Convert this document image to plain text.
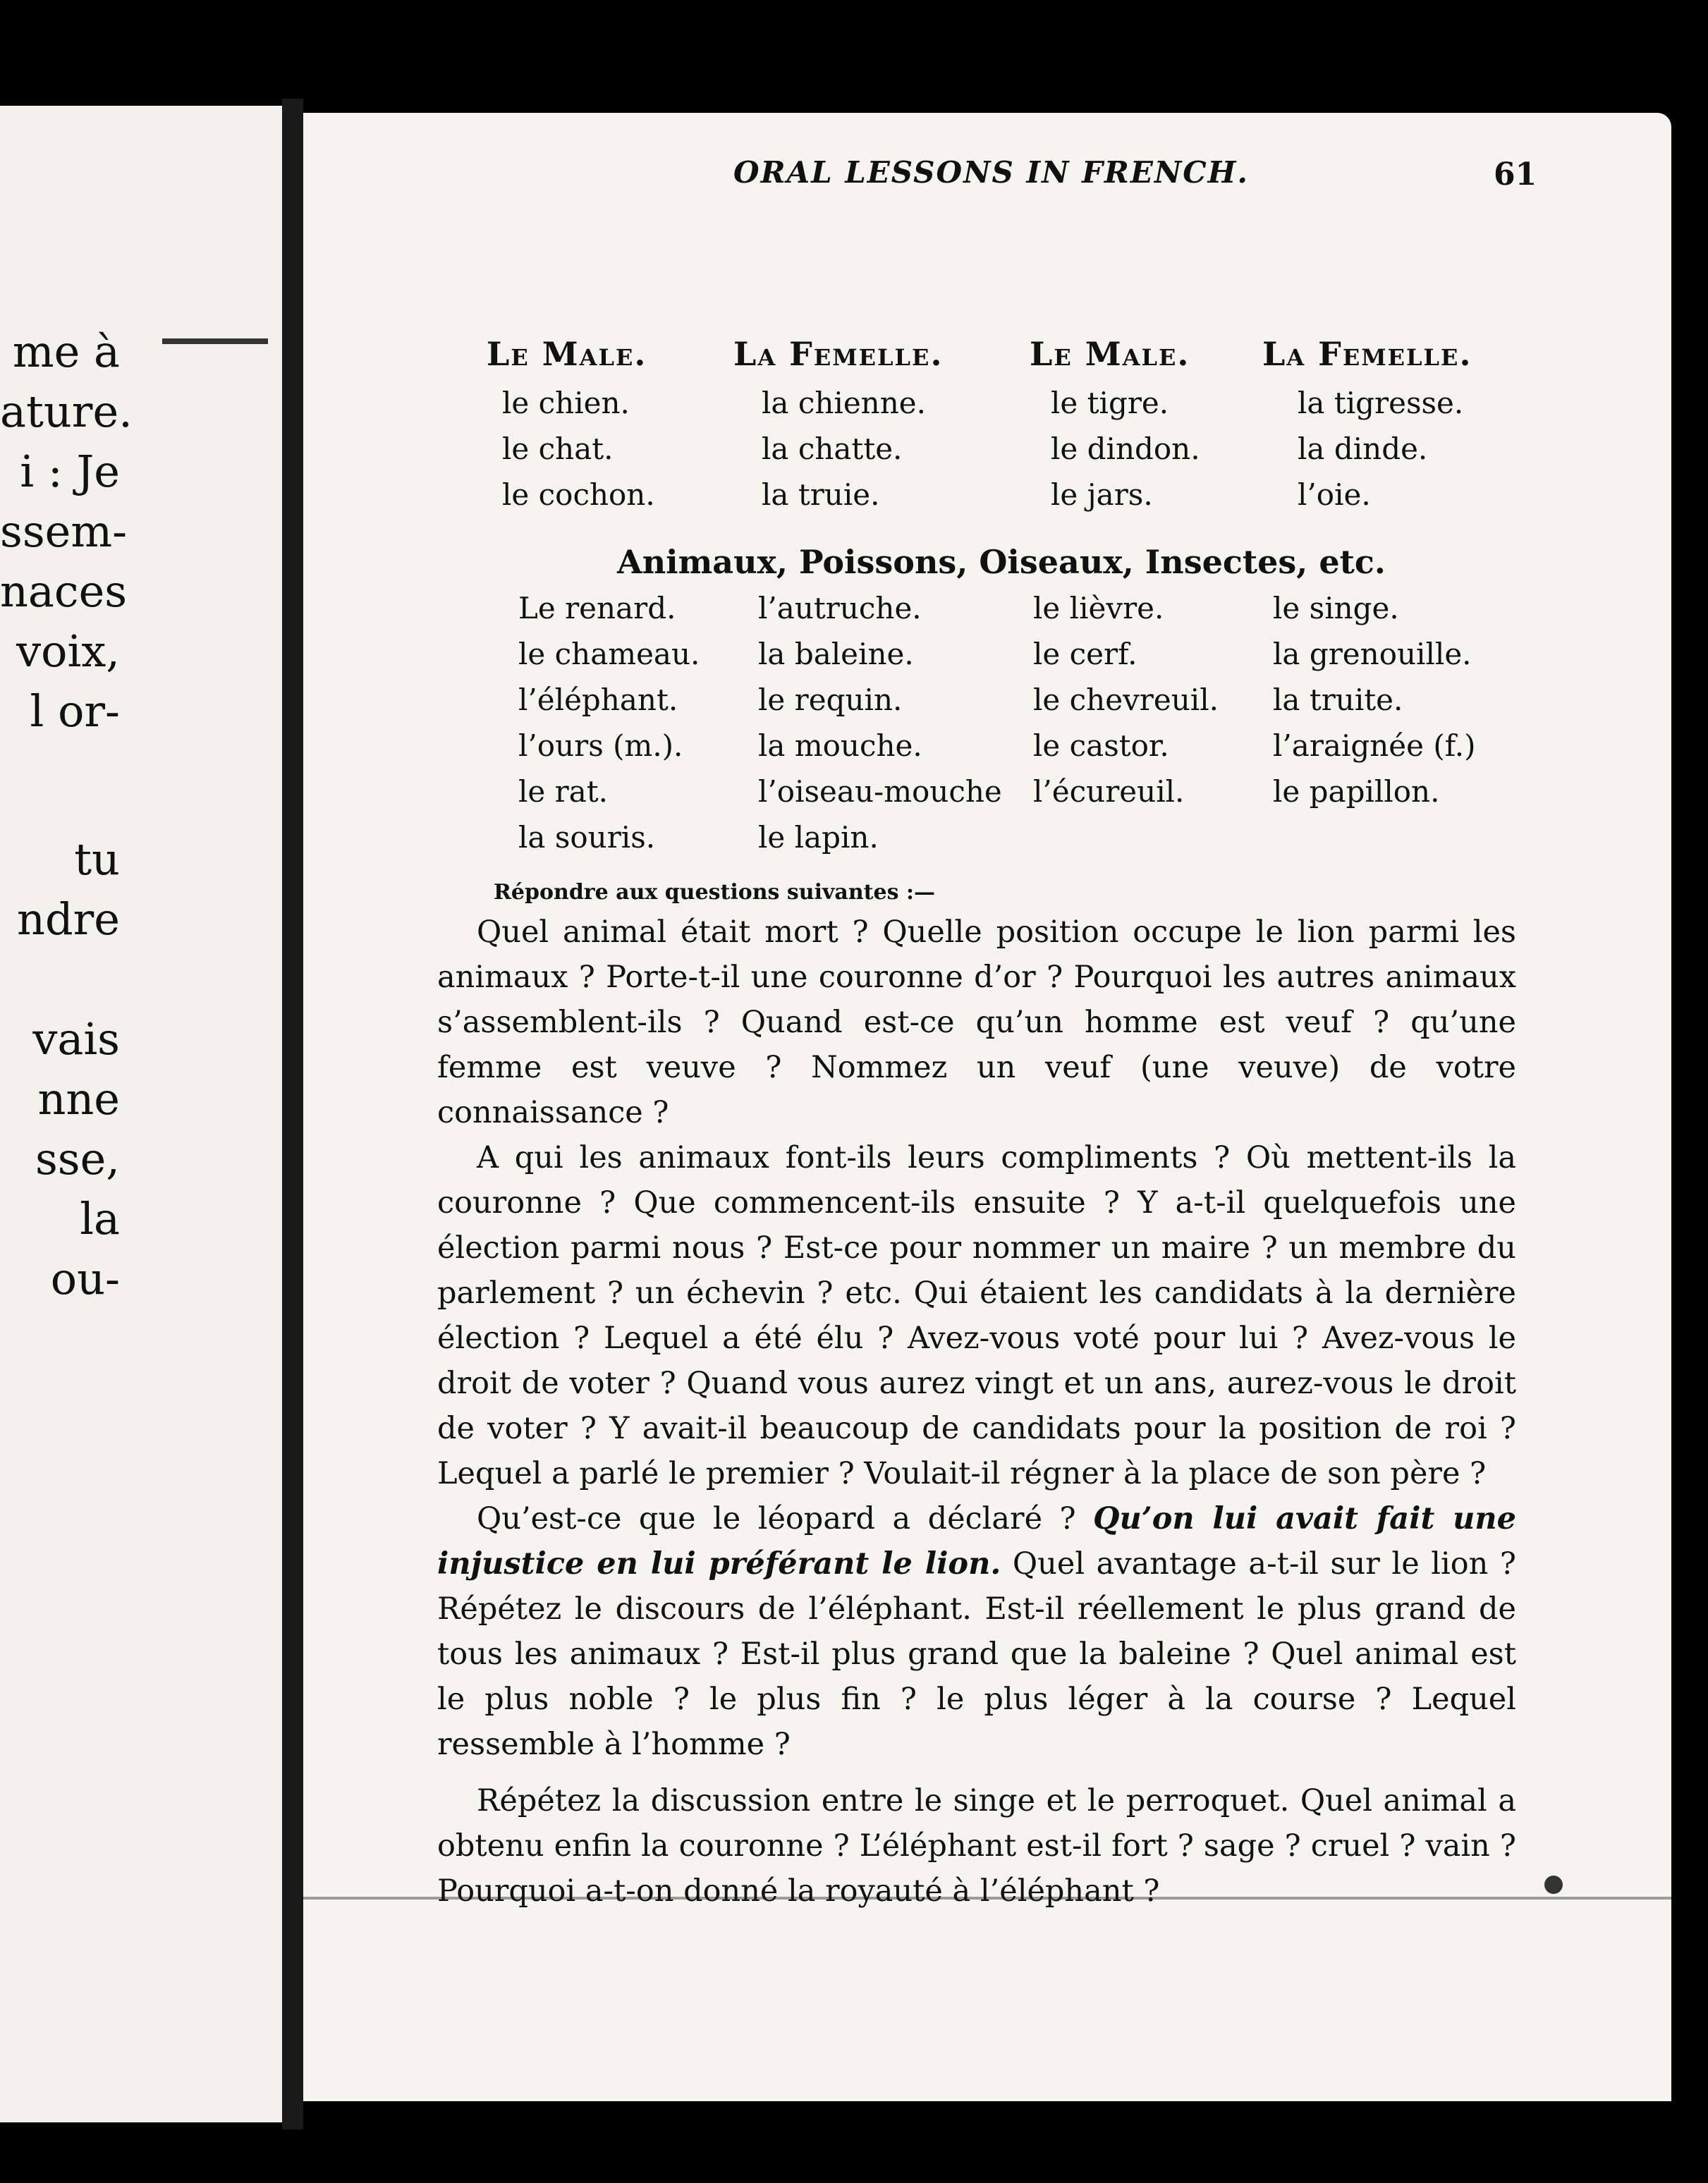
me à
ature.
i : Je
ssem-
naces
voix,
l or-
tu
ndre
vais
nne
sse,
la
ou-
ORAL LESSONS IN FRENCH.	61
Le Male.
le chien.
le chat.
le cochon.
La Femelle.
la chienne.
la chatte.
la truie.
Le Male.
le tigre.
le dindon.
le jars.
La Femelle.
la tigresse.
la dinde.
l’oie.
Animaux, Poissons, Oiseaux, Insectes, etc.
Le renard.
le chameau.
l’éléphant.
l’ours (m.).
le rat.
la souris.
l’autruche.
la baleine.
le requin.
la mouche.
l’oiseau-mouche
le lapin.
le lièvre.
le cerf.
le chevreuil.
le castor.
l’écureuil.
le singe.
la grenouille.
la truite.
l’araignée (f.)
le papillon.
Répondre aux questions suivantes :—

Quel animal était mort ? Quelle position occupe le lion parmi les animaux ? Porte-t-il une couronne d’or ? Pourquoi les autres animaux s’assemblent-ils ? Quand est-ce qu’un homme est veuf ? qu’une femme est veuve ? Nommez un veuf (une veuve) de votre connaissance ?

A qui les animaux font-ils leurs compliments ? Où mettent-ils la couronne ? Que commencent-ils ensuite ? Y a-t-il quelquefois une élection parmi nous ? Est-ce pour nommer un maire ? un membre du parlement ? un échevin ? etc. Qui étaient les candidats à la dernière élection ? Lequel a été élu ? Avez-vous voté pour lui ? Avez-vous le droit de voter ? Quand vous aurez vingt et un ans, aurez-vous le droit de voter ? Y avait-il beaucoup de candidats pour la position de roi ? Lequel a parlé le premier ? Voulait-il régner à la place de son père ?

Qu’est-ce que le léopard a déclaré ? Qu’on lui avait fait une injustice en lui préférant le lion. Quel avantage a-t-il sur le lion ? Répétez le discours de l’éléphant. Est-il réellement le plus grand de tous les animaux ? Est-il plus grand que la baleine ? Quel animal est le plus noble ? le plus fin ? le plus léger à la course ? Lequel ressemble à l’homme ?

Répétez la discussion entre le singe et le perroquet. Quel animal a obtenu enfin la couronne ? L’éléphant est-il fort ? sage ? cruel ? vain ? Pourquoi a-t-on donné la royauté à l’éléphant ?
